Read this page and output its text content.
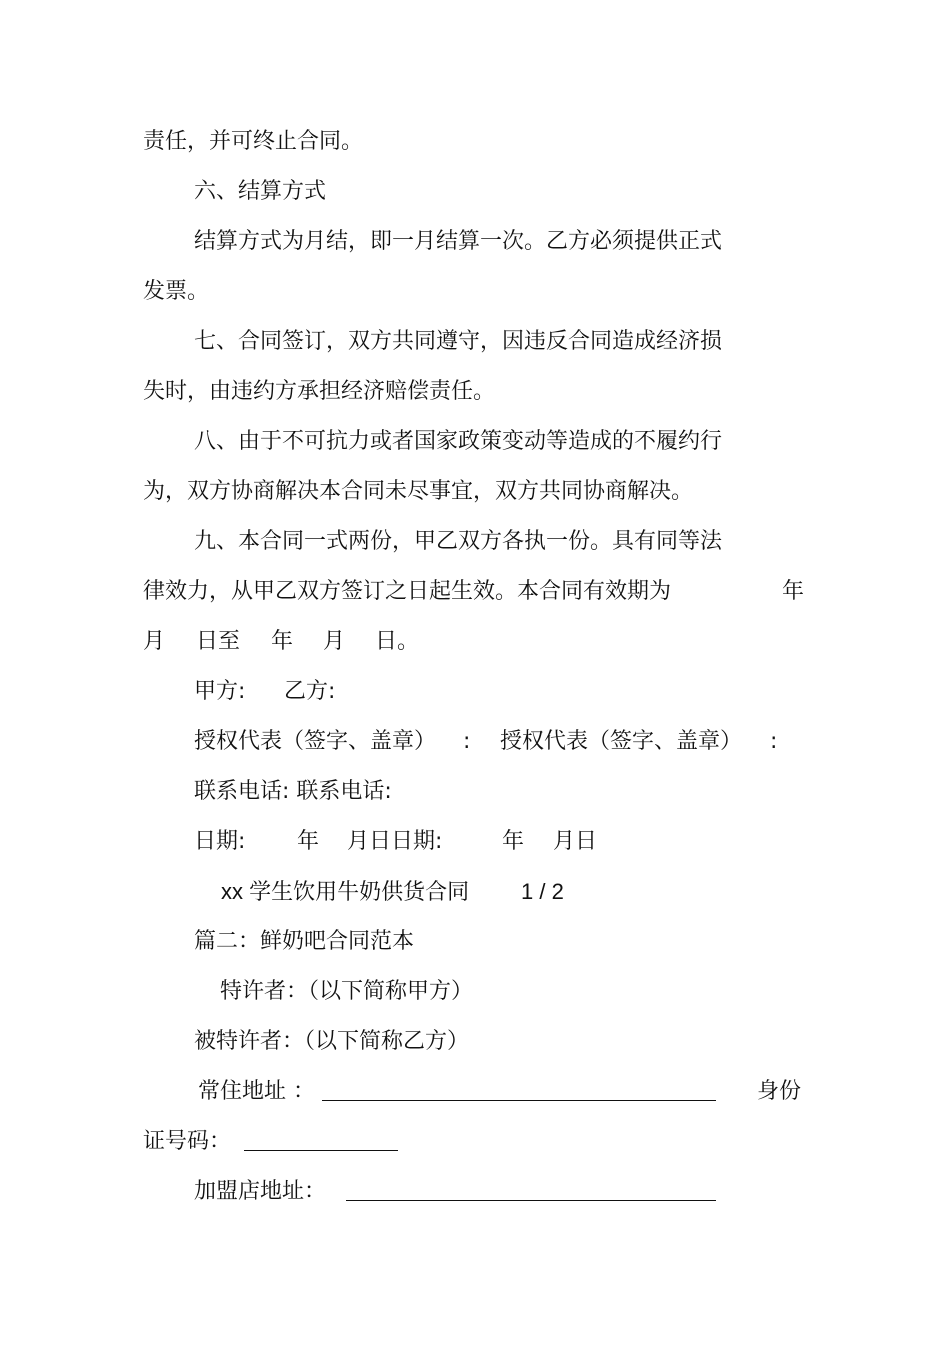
责任，并可终止合同。
六、结算方式
结算方式为月结，即一月结算一次。乙方必须提供正式
发票。
七、合同签订，双方共同遵守，因违反合同造成经济损
失时，由违约方承担经济赔偿责任。
八、由于不可抗力或者国家政策变动等造成的不履约行
为，双方协商解决本合同未尽事宜，双方共同协商解决。
九、本合同一式两份，甲乙双方各执一份。具有同等法
律效力，从甲乙双方签订之日起生效。本合同有效期为	年
月 日至 年 月 日。
甲方: 乙方:
授权代表（签字、盖章） : 授权代表（签字、盖章） :
联系电话: 联系电话:
日期: 年 月日日期:	年 月日
xx 学生饮用牛奶供货合同 1 / 2
篇二：鲜奶吧合同范本
特许者：（以下简称甲方）
被特许者：（以下简称乙方）
常住地址 ：	身份
证号码：
加盟店地址：
